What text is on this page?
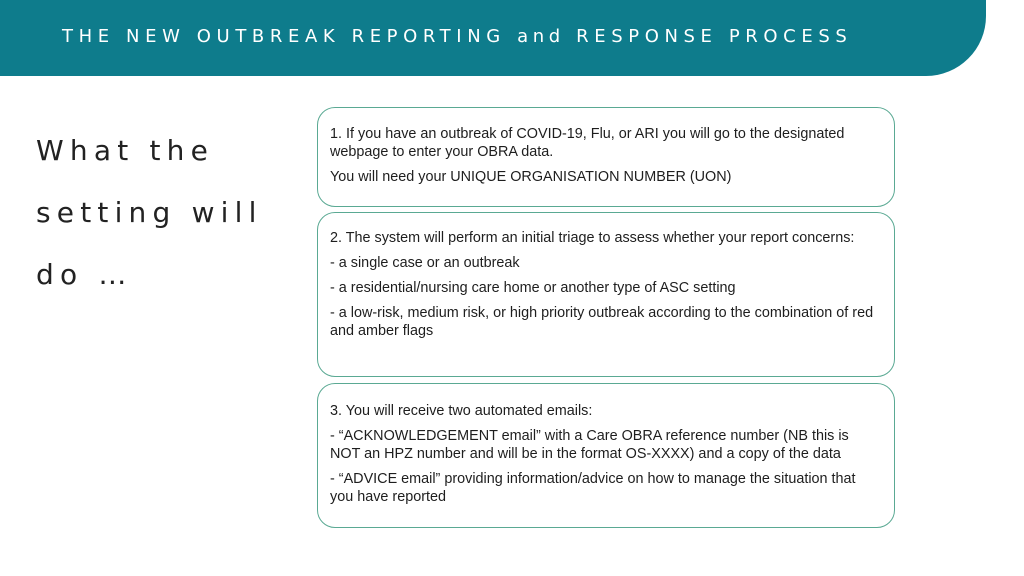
THE NEW OUTBREAK REPORTING and RESPONSE PROCESS
What the
setting will
do …

1. If you have an outbreak of COVID-19, Flu, or ARI you will go to the designated webpage to enter your OBRA data.

You will need your UNIQUE ORGANISATION NUMBER (UON)

2. The system will perform an initial triage to assess whether your report concerns:

- a single case or an outbreak

- a residential/nursing care home or another type of ASC setting

- a low-risk, medium risk, or high priority outbreak according to the combination of red and amber flags

3. You will receive two automated emails:

- “ACKNOWLEDGEMENT email” with a Care OBRA reference number (NB this is NOT an HPZ number and will be in the format OS-XXXX) and a copy of the data

- “ADVICE email” providing information/advice on how to manage the situation that you have reported
